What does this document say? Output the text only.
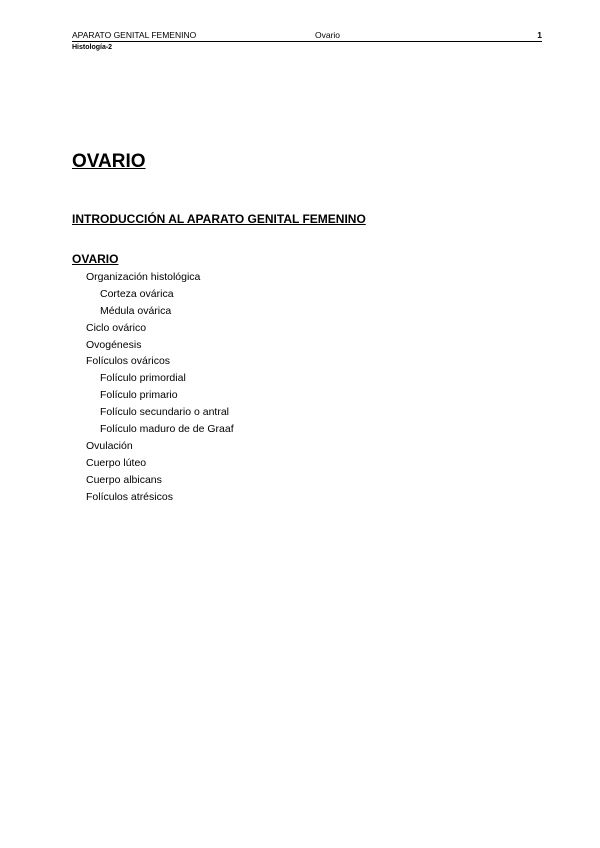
APARATO GENITAL FEMENINO	Ovario	1
Histología-2
OVARIO
INTRODUCCIÓN AL APARATO GENITAL FEMENINO
OVARIO
Organización histológica
Corteza ovárica
Médula ovárica
Ciclo ovárico
Ovogénesis
Folículos ováricos
Folículo primordial
Folículo primario
Folículo secundario o antral
Folículo maduro de de Graaf
Ovulación
Cuerpo lúteo
Cuerpo albicans
Folículos atrésicos
